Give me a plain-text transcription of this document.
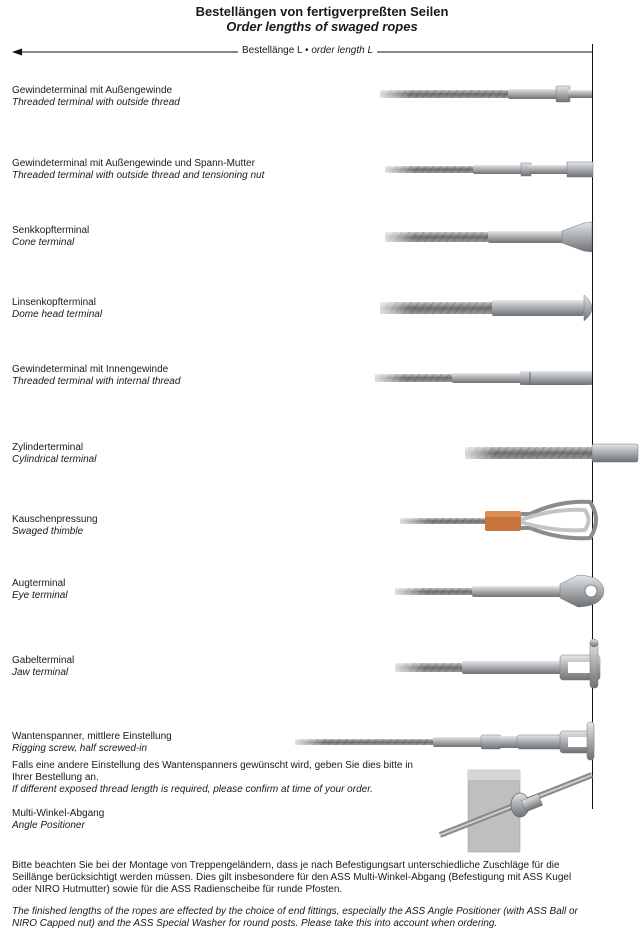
Bestellängen von fertigverpreßten Seilen
Order lengths of swaged ropes
Bestellänge L • order length L
Gewindeterminal mit Außengewinde
Threaded terminal with outside thread
Gewindeterminal mit Außengewinde und Spann-Mutter
Threaded terminal with outside thread and tensioning nut
Senkkopfterminal
Cone terminal
Linsenkopfterminal
Dome head terminal
Gewindeterminal mit Innengewinde
Threaded terminal with internal thread
Zylinderterminal
Cylindrical terminal
Kauschenpressung
Swaged thimble
Augterminal
Eye terminal
Gabelterminal
Jaw terminal
Wantenspanner, mittlere Einstellung
Rigging screw, half screwed-in
Falls eine andere Einstellung des Wantenspanners gewünscht wird, geben Sie dies bitte in
Ihrer Bestellung an.
If different exposed thread length is required, please confirm at time of your order.
Multi-Winkel-Abgang
Angle Positioner
Bitte beachten Sie bei der Montage von Treppengeländern, dass je nach Befestigungsart unterschiedliche Zuschläge für die
Seillänge berücksichtigt werden müssen. Dies gilt insbesondere für den ASS Multi-Winkel-Abgang (Befestigung mit ASS Kugel
oder NIRO Hutmutter) sowie für die ASS Radienscheibe für runde Pfosten.
The finished lengths of the ropes are effected by the choice of end fittings, especially the ASS Angle Positioner (with ASS Ball or
NIRO Capped nut) and the ASS Special Washer for round posts. Please take this into account when ordering.
